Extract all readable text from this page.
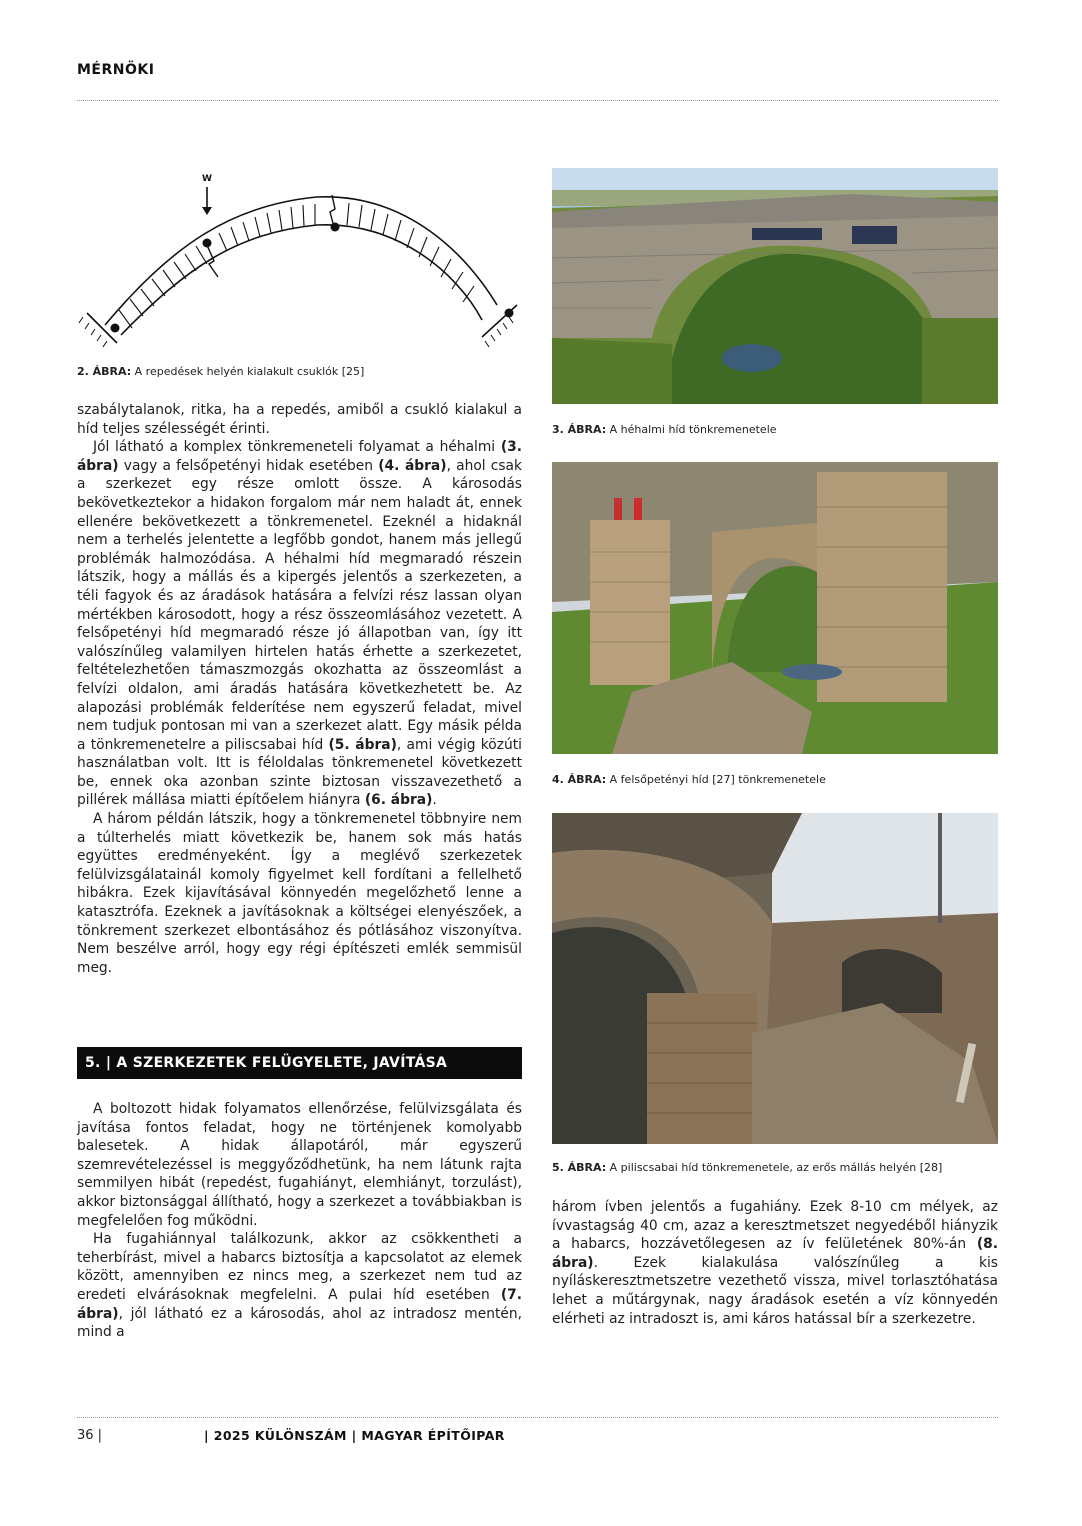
MÉRNÖKI
W
2. ÁBRA: A repedések helyén kialakult csuklók [25]

szabálytalanok, ritka, ha a repedés, amiből a csukló kialakul a híd teljes szélességét érinti.

Jól látható a komplex tönkremeneteli folyamat a héhalmi (3. ábra) vagy a felsőpetényi hidak esetében (4. ábra), ahol csak a szerkezet egy része omlott össze. A károsodás bekövetkeztekor a hidakon forgalom már nem haladt át, ennek ellenére bekövetkezett a tönkremenetel. Ezeknél a hidaknál nem a terhelés jelentette a legfőbb gondot, hanem más jellegű problémák halmozódása. A héhalmi híd megmaradó részein látszik, hogy a mállás és a kipergés jelentős a szerkezeten, a téli fagyok és az áradások hatására a felvízi rész lassan olyan mértékben károsodott, hogy a rész összeomlásához vezetett. A felsőpetényi híd megmaradó része jó állapotban van, így itt valószínűleg valamilyen hirtelen hatás érhette a szerkezetet, feltételezhetően támaszmozgás okozhatta az összeomlást a felvízi oldalon, ami áradás hatására következhetett be. Az alapozási problémák felderítése nem egyszerű feladat, mivel nem tudjuk pontosan mi van a szerkezet alatt. Egy másik példa a tönkremenetelre a piliscsabai híd (5. ábra), ami végig közúti használatban volt. Itt is féloldalas tönkremenetel következett be, ennek oka azonban szinte biztosan visszavezethető a pillérek mállása miatti építőelem hiányra (6. ábra).

A három példán látszik, hogy a tönkremenetel többnyire nem a túlterhelés miatt következik be, hanem sok más hatás együttes eredményeként. Így a meglévő szerkezetek felülvizsgálatainál komoly figyelmet kell fordítani a fellelhető hibákra. Ezek kijavításával könnyedén megelőzhető lenne a katasztrófa. Ezeknek a javításoknak a költségei elenyészőek, a tönkrement szerkezet elbontásához és pótlásához viszonyítva. Nem beszélve arról, hogy egy régi építészeti emlék semmisül meg.

5. | A SZERKEZETEK FELÜGYELETE, JAVÍTÁSA

A boltozott hidak folyamatos ellenőrzése, felülvizsgálata és javítása fontos feladat, hogy ne történjenek komolyabb balesetek. A hidak állapotáról, már egyszerű szemrevételezéssel is meggyőződhetünk, ha nem látunk rajta semmilyen hibát (repedést, fugahiányt, elemhiányt, torzulást), akkor biztonsággal állítható, hogy a szerkezet a továbbiakban is megfelelően fog működni.

Ha fugahiánnyal találkozunk, akkor az csökkentheti a teherbírást, mivel a habarcs biztosítja a kapcsolatot az elemek között, amennyiben ez nincs meg, a szerkezet nem tud az eredeti elvárásoknak megfelelni. A pulai híd esetében (7. ábra), jól látható ez a károsodás, ahol az intradosz mentén, mind a

3. ÁBRA: A héhalmi híd tönkremenetele
4. ÁBRA: A felsőpetényi híd [27] tönkremenetele
5. ÁBRA: A piliscsabai híd tönkremenetele, az erős mállás helyén [28]

három ívben jelentős a fugahiány. Ezek 8-10 cm mélyek, az ívvastagság 40 cm, azaz a keresztmetszet negyedéből hiányzik a habarcs, hozzávetőlegesen az ív felületének 80%-án (8. ábra). Ezek kialakulása valószínűleg a kis nyíláskeresztmetszetre vezethető vissza, mivel torlasztóhatása lehet a műtárgynak, nagy áradások esetén a víz könnyedén elérheti az intradoszt is, ami káros hatással bír a szerkezetre.

36 |	| 2025 KÜLÖNSZÁM | MAGYAR ÉPÍTŐIPAR
